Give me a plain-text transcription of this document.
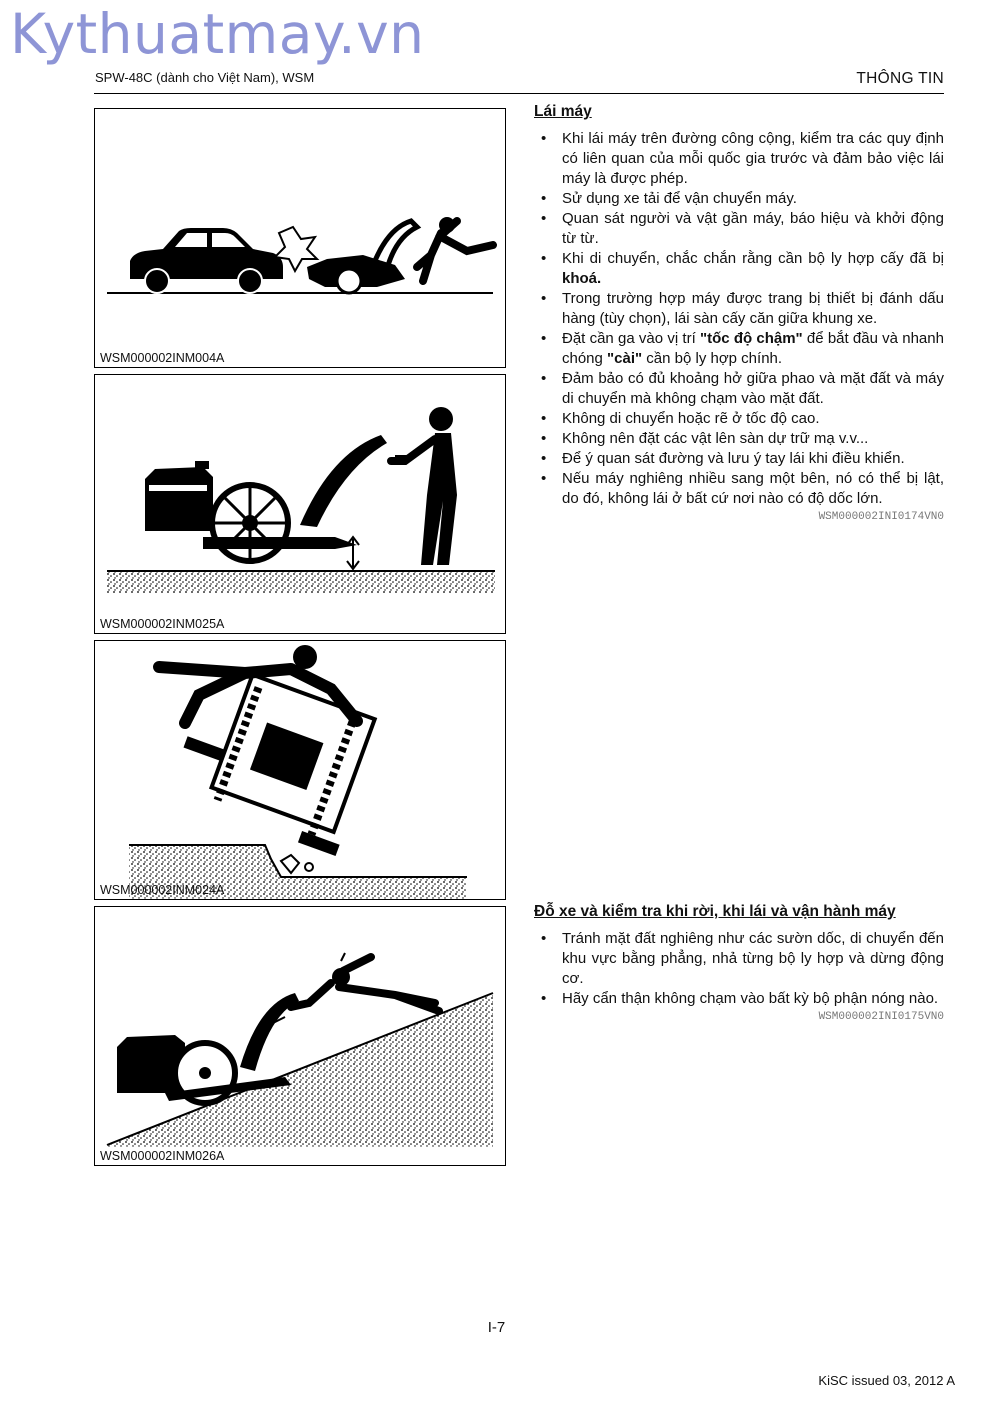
Kythuatmay.vn
SPW-48C (dành cho Việt Nam), WSM	THÔNG TIN
WSM000002INM004A
WSM000002INM025A
WSM000002INM024A
WSM000002INM026A
Lái máy
• Khi lái máy trên đường công cộng, kiểm tra các quy định có liên quan của mỗi quốc gia trước và đảm bảo việc lái máy là được phép.
• Sử dụng xe tải để vận chuyển máy.
• Quan sát người và vật gần máy, báo hiệu và khởi động từ từ.
• Khi di chuyển, chắc chắn rằng cần bộ ly hợp cấy đã bị khoá.
• Trong trường hợp máy được trang bị thiết bị đánh dấu hàng (tùy chọn), lái sàn cấy căn giữa khung xe.
• Đặt cần ga vào vị trí "tốc độ chậm" để bắt đầu và nhanh chóng "cài" cần bộ ly hợp chính.
• Đảm bảo có đủ khoảng hở giữa phao và mặt đất và máy di chuyển mà không chạm vào mặt đất.
• Không di chuyển hoặc rẽ ở tốc độ cao.
• Không nên đặt các vật lên sàn dự trữ mạ v.v...
• Để ý quan sát đường và lưu ý tay lái khi điều khiển.
• Nếu máy nghiêng nhiều sang một bên, nó có thể bị lật, do đó, không lái ở bất cứ nơi nào có độ dốc lớn.
WSM000002INI0174VN0
Đỗ xe và kiểm tra khi rời, khi lái và vận hành máy
• Tránh mặt đất nghiêng như các sườn dốc, di chuyển đến khu vực bằng phẳng, nhả từng bộ ly hợp và dừng động cơ.
• Hãy cẩn thận không chạm vào bất kỳ bộ phận nóng nào.
WSM000002INI0175VN0
I-7
KiSC issued 03, 2012 A
